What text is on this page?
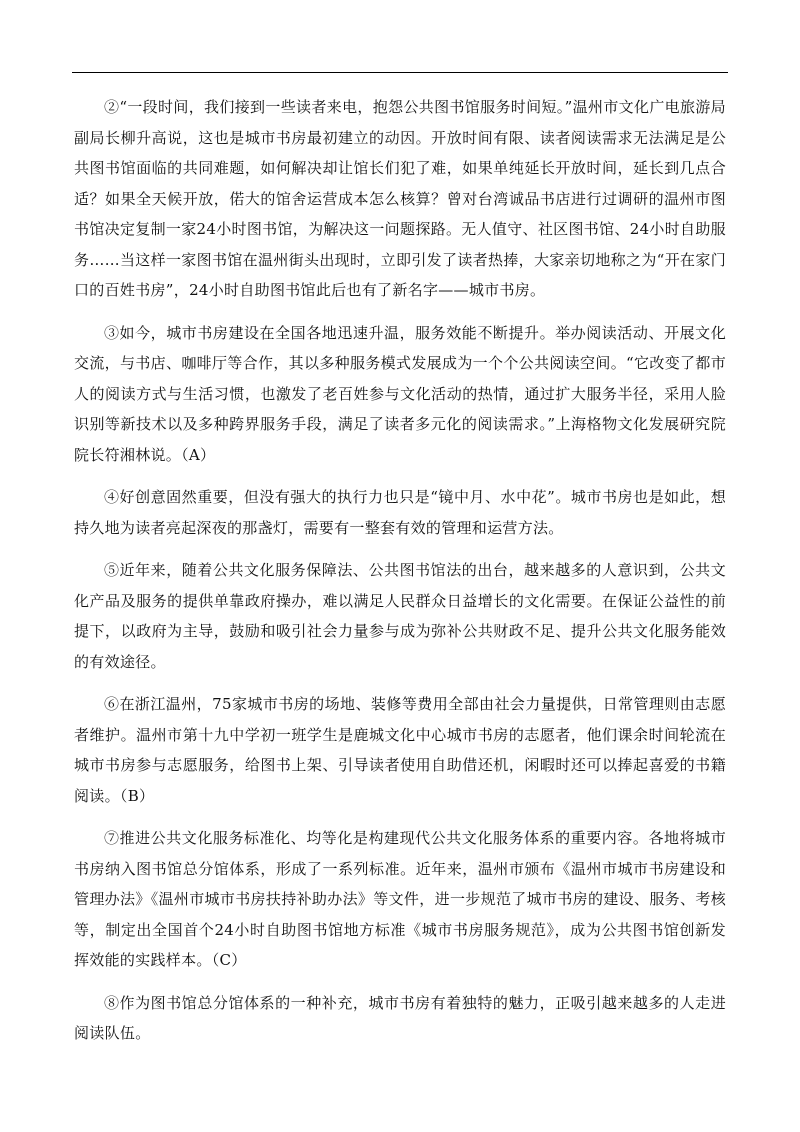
②“一段时间，我们接到一些读者来电，抱怨公共图书馆服务时间短。”温州市文化广电旅游局副局长柳升高说，这也是城市书房最初建立的动因。开放时间有限、读者阅读需求无法满足是公共图书馆面临的共同难题，如何解决却让馆长们犯了难，如果单纯延长开放时间，延长到几点合适？如果全天候开放，偌大的馆舍运营成本怎么核算？曾对台湾诚品书店进行过调研的温州市图书馆决定复制一家24小时图书馆，为解决这一问题探路。无人值守、社区图书馆、24小时自助服务……当这样一家图书馆在温州街头出现时，立即引发了读者热捧，大家亲切地称之为“开在家门口的百姓书房”，24小时自助图书馆此后也有了新名字——城市书房。

③如今，城市书房建设在全国各地迅速升温，服务效能不断提升。举办阅读活动、开展文化交流，与书店、咖啡厅等合作，其以多种服务模式发展成为一个个公共阅读空间。“它改变了都市人的阅读方式与生活习惯，也激发了老百姓参与文化活动的热情，通过扩大服务半径，采用人脸识别等新技术以及多种跨界服务手段，满足了读者多元化的阅读需求。”上海格物文化发展研究院院长符湘林说。（A）

④好创意固然重要，但没有强大的执行力也只是“镜中月、水中花”。城市书房也是如此，想持久地为读者亮起深夜的那盏灯，需要有一整套有效的管理和运营方法。

⑤近年来，随着公共文化服务保障法、公共图书馆法的出台，越来越多的人意识到，公共文化产品及服务的提供单靠政府操办，难以满足人民群众日益增长的文化需要。在保证公益性的前提下，以政府为主导，鼓励和吸引社会力量参与成为弥补公共财政不足、提升公共文化服务能效的有效途径。

⑥在浙江温州，75家城市书房的场地、装修等费用全部由社会力量提供，日常管理则由志愿者维护。温州市第十九中学初一班学生是鹿城文化中心城市书房的志愿者，他们课余时间轮流在城市书房参与志愿服务，给图书上架、引导读者使用自助借还机，闲暇时还可以捧起喜爱的书籍阅读。（B）

⑦推进公共文化服务标准化、均等化是构建现代公共文化服务体系的重要内容。各地将城市书房纳入图书馆总分馆体系，形成了一系列标准。近年来，温州市颁布《温州市城市书房建设和管理办法》《温州市城市书房扶持补助办法》等文件，进一步规范了城市书房的建设、服务、考核等，制定出全国首个24小时自助图书馆地方标准《城市书房服务规范》，成为公共图书馆创新发挥效能的实践样本。（C）

⑧作为图书馆总分馆体系的一种补充，城市书房有着独特的魅力，正吸引越来越多的人走进阅读队伍。
